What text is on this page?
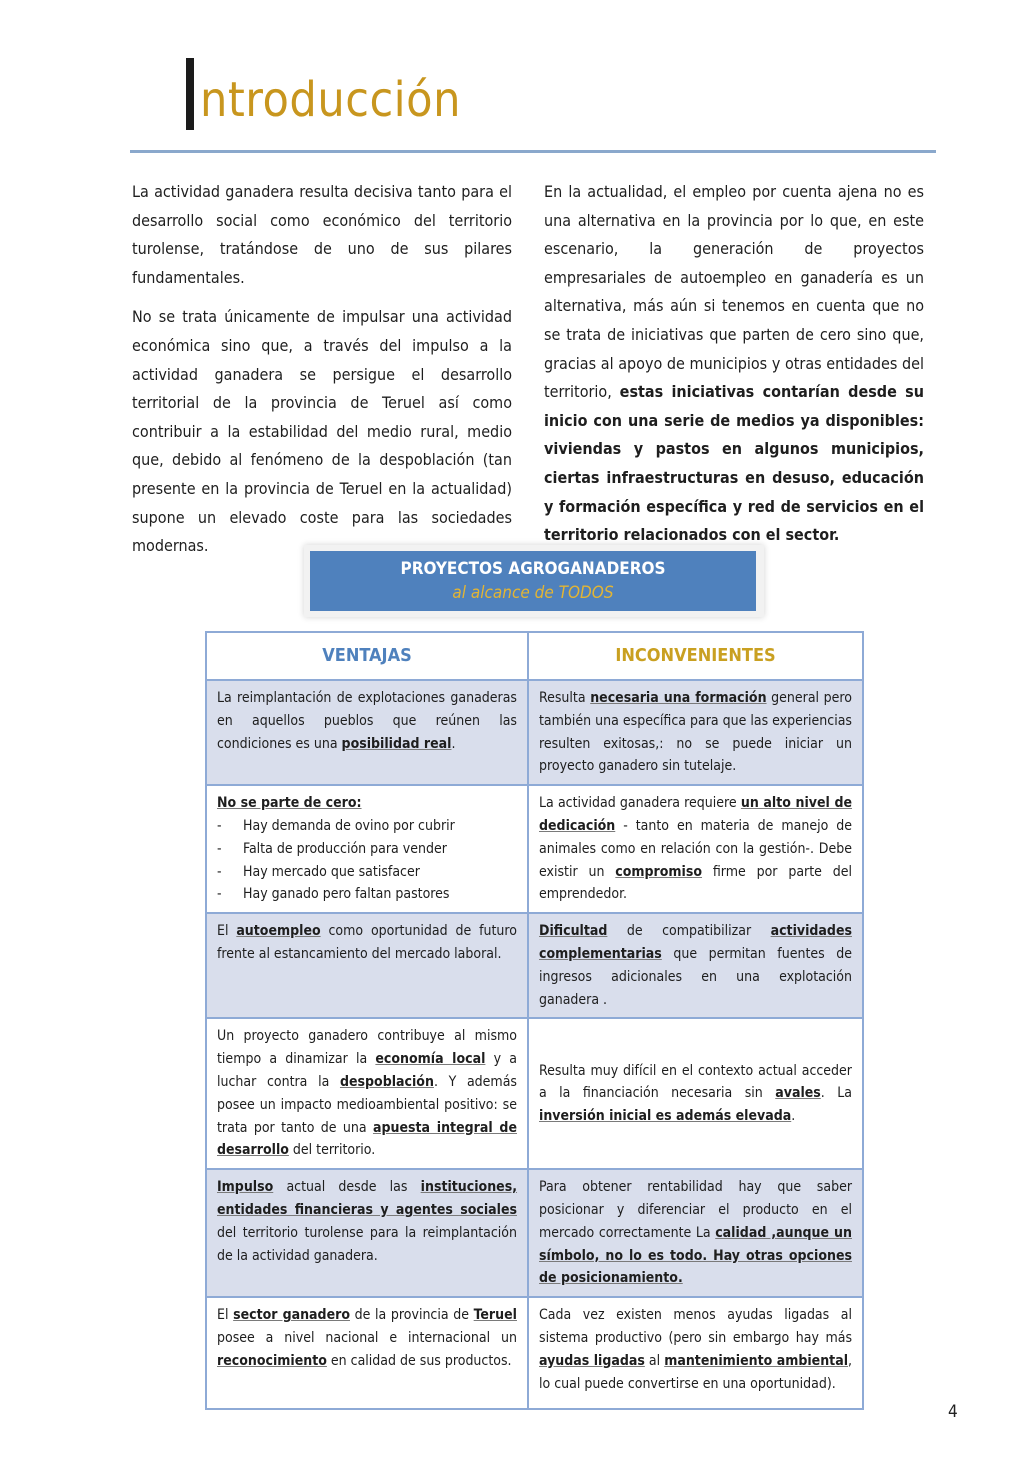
ntroducción

La actividad ganadera resulta decisiva tanto para el desarrollo social como económico del territorio turolense, tratándose de uno de sus pilares fundamentales.

No se trata únicamente de impulsar una actividad económica sino que, a través del impulso a la actividad ganadera se persigue el desarrollo territorial de la provincia de Teruel así como contribuir a la estabilidad del medio rural, medio que, debido al fenómeno de la despoblación (tan presente en la provincia de Teruel en la actualidad) supone un elevado coste para las sociedades modernas.

En la actualidad, el empleo por cuenta ajena no es una alternativa en la provincia por lo que, en este escenario, la generación de proyectos empresariales de autoempleo en ganadería es un alternativa, más aún si tenemos en cuenta que no se trata de iniciativas que parten de cero sino que, gracias al apoyo de municipios y otras entidades del territorio, estas iniciativas contarían desde su inicio con una serie de medios ya disponibles: viviendas y pastos en algunos municipios, ciertas infraestructuras en desuso, educación y formación específica y red de servicios en el territorio relacionados con el sector.

PROYECTOS AGROGANADEROS
al alcance de TODOS
VENTAJAS	INCONVENIENTES
La reimplantación de explotaciones ganaderas en aquellos pueblos que reúnen las condiciones es una posibilidad real.	Resulta necesaria una formación general pero también una específica para que las experiencias resulten exitosas,: no se puede iniciar un proyecto ganadero sin tutelaje.
No se parte de cero:
- Hay demanda de ovino por cubrir
- Falta de producción para vender
- Hay mercado que satisfacer
- Hay ganado pero faltan pastores	La actividad ganadera requiere un alto nivel de dedicación - tanto en materia de manejo de animales como en relación con la gestión-. Debe existir un compromiso firme por parte del emprendedor.
El autoempleo como oportunidad de futuro frente al estancamiento del mercado laboral.	Dificultad de compatibilizar actividades complementarias que permitan fuentes de ingresos adicionales en una explotación ganadera .
Un proyecto ganadero contribuye al mismo tiempo a dinamizar la economía local y a luchar contra la despoblación. Y además posee un impacto medioambiental positivo: se trata por tanto de una apuesta integral de desarrollo del territorio.	Resulta muy difícil en el contexto actual acceder a la financiación necesaria sin avales. La inversión inicial es además elevada.
Impulso actual desde las instituciones, entidades financieras y agentes sociales del territorio turolense para la reimplantación de la actividad ganadera.	Para obtener rentabilidad hay que saber posicionar y diferenciar el producto en el mercado correctamente La calidad ,aunque un símbolo, no lo es todo. Hay otras opciones de posicionamiento.
El sector ganadero de la provincia de Teruel posee a nivel nacional e internacional un reconocimiento en calidad de sus productos.	Cada vez existen menos ayudas ligadas al sistema productivo (pero sin embargo hay más ayudas ligadas al mantenimiento ambiental, lo cual puede convertirse en una oportunidad).
4
